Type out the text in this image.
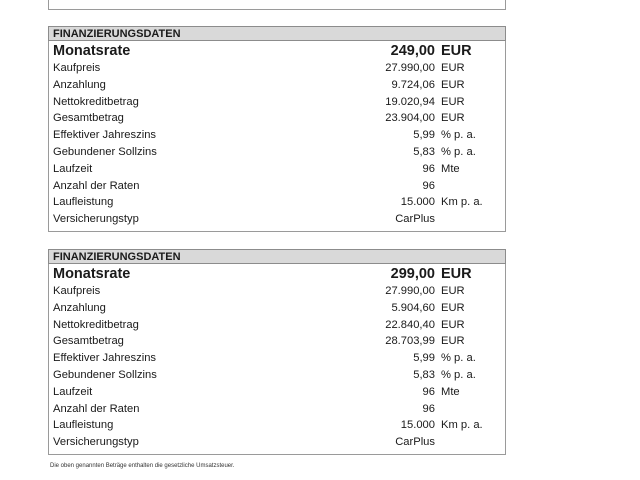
FINANZIERUNGSDATEN
Monatsrate	249,00 EUR
Kaufpreis	27.990,00 EUR
Anzahlung	9.724,06 EUR
Nettokreditbetrag	19.020,94 EUR
Gesamtbetrag	23.904,00 EUR
Effektiver Jahreszins	5,99 % p. a.
Gebundener Sollzins	5,83 % p. a.
Laufzeit	96 Mte
Anzahl der Raten	96
Laufleistung	15.000 Km p. a.
Versicherungstyp	CarPlus
FINANZIERUNGSDATEN
Monatsrate	299,00 EUR
Kaufpreis	27.990,00 EUR
Anzahlung	5.904,60 EUR
Nettokreditbetrag	22.840,40 EUR
Gesamtbetrag	28.703,99 EUR
Effektiver Jahreszins	5,99 % p. a.
Gebundener Sollzins	5,83 % p. a.
Laufzeit	96 Mte
Anzahl der Raten	96
Laufleistung	15.000 Km p. a.
Versicherungstyp	CarPlus
Die oben genannten Beträge enthalten die gesetzliche Umsatzsteuer.
